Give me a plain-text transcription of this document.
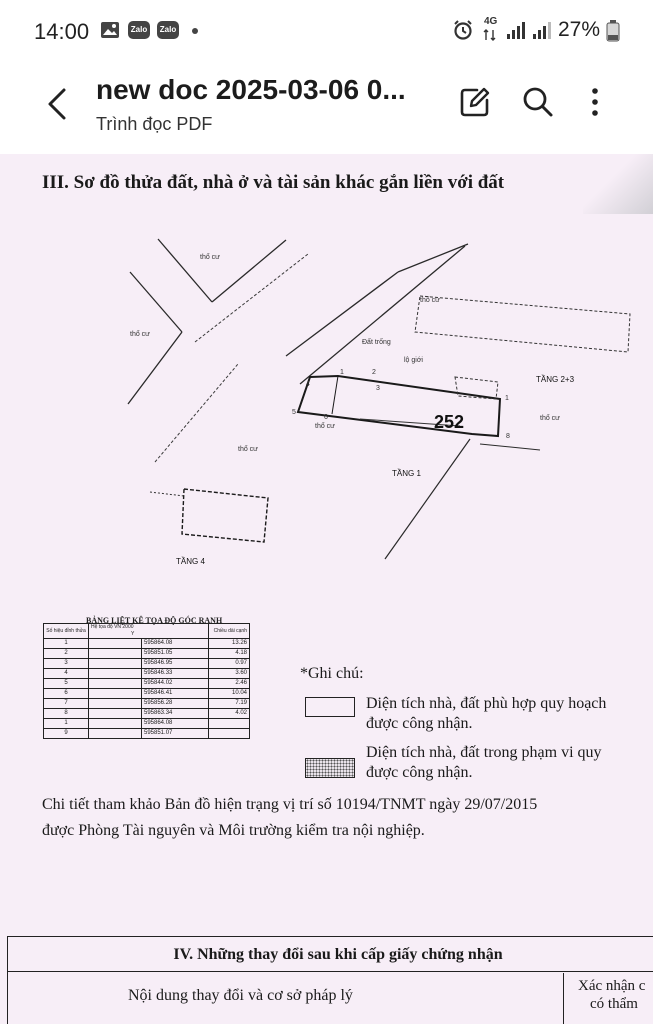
14:00	Zalo	Zalo
4G	27%
new doc 2025-03-06 0...
Trình đọc PDF
III. Sơ đồ thửa đất, nhà ở và tài sản khác gắn liền với đất
thổ cư
thổ cư
Đất trống
thổ cư
thổ cư
thổ cư
thổ cư
lộ giới
252
TẦNG 2+3
TẦNG 1
TẦNG 4
1	2
3
4
5
6
1
8
BẢNG LIỆT KÊ TỌA ĐỘ GÓC RANH
Số hiệu đỉnh thửa	Hệ tọa độ VN 2000
Y		Chiều dài cạnh
1		595864.08	13.26
2		595851.05	4.18
3		595846.95	0.97
4		595846.33	3.60
5		595844.02	2.46
6		595846.41	10.04
7		595856.28	7.19
8		595863.34	4.02
1		595864.08	
9		595851.07	
*Ghi chú:
Diện tích nhà, đất phù hợp quy hoạch
được công nhận.
Diện tích nhà, đất trong phạm vi quy
được công nhận.
Chi tiết tham khảo Bản đồ hiện trạng vị trí số 10194/TNMT ngày 29/07/2015
được Phòng Tài nguyên và Môi trường kiểm tra nội nghiệp.
IV. Những thay đổi sau khi cấp giấy chứng nhận
Nội dung thay đổi và cơ sở pháp lý
Xác nhận c
có thẩm
